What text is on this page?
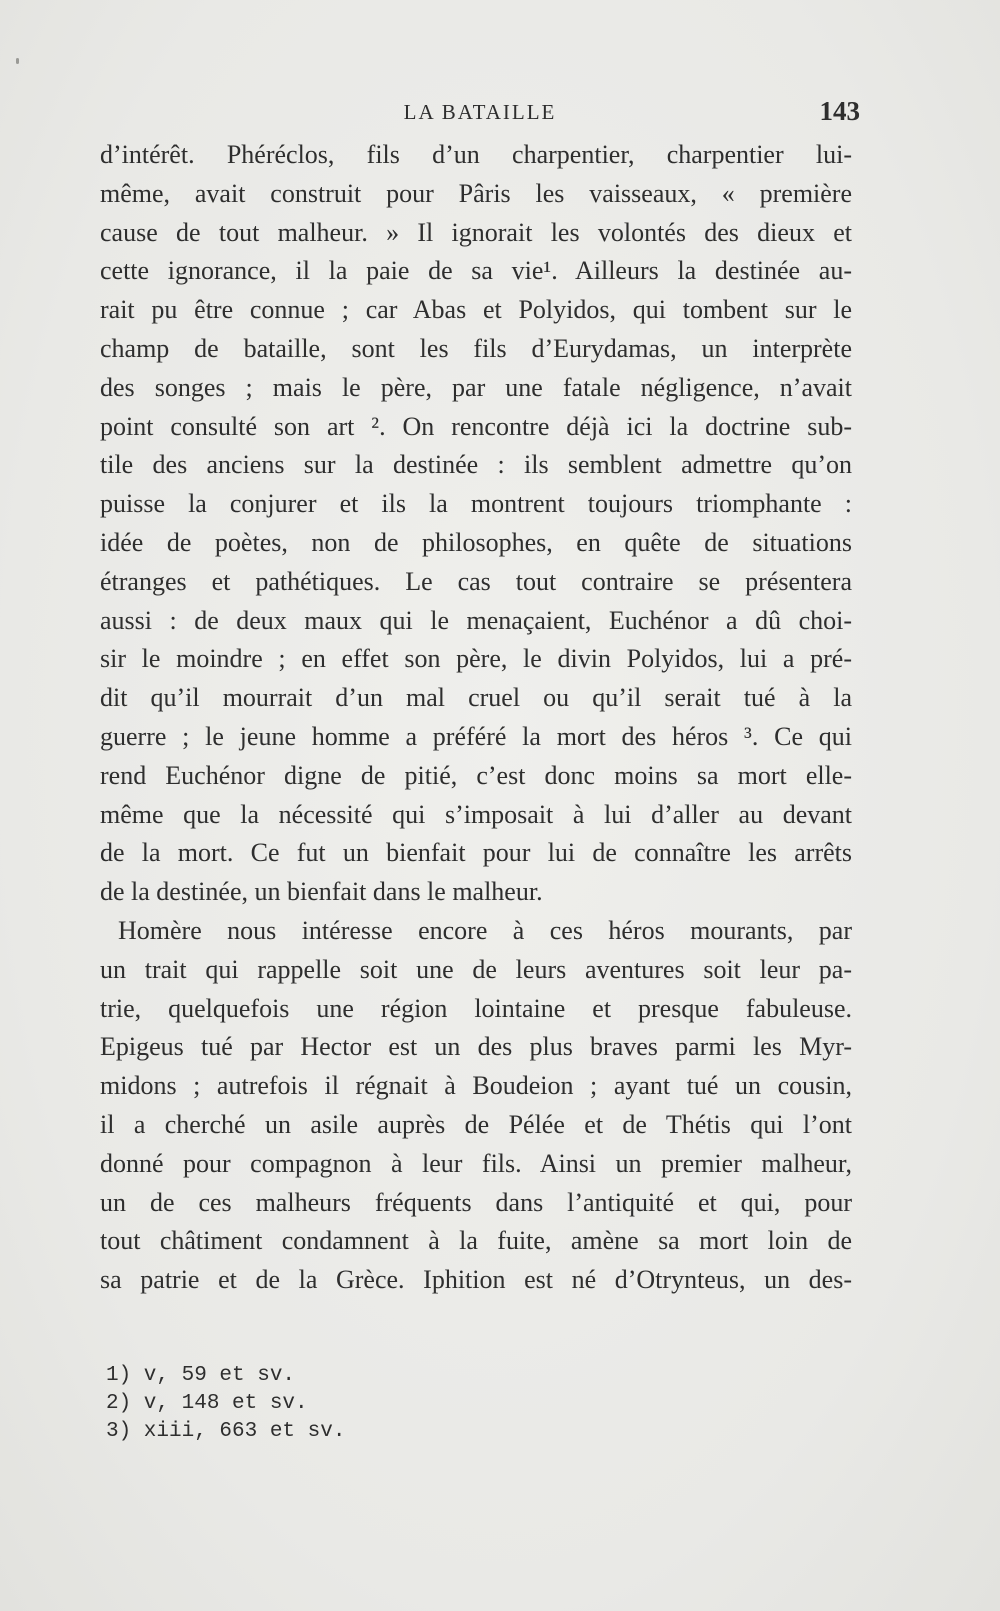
LA BATAILLE	143
d’intérêt. Phéréclos, fils d’un charpentier, charpentier lui-
même, avait construit pour Pâris les vaisseaux, « première
cause de tout malheur. » Il ignorait les volontés des dieux et
cette ignorance, il la paie de sa vie¹. Ailleurs la destinée au-
rait pu être connue ; car Abas et Polyidos, qui tombent sur le
champ de bataille, sont les fils d’Eurydamas, un interprète
des songes ; mais le père, par une fatale négligence, n’avait
point consulté son art ². On rencontre déjà ici la doctrine sub-
tile des anciens sur la destinée : ils semblent admettre qu’on
puisse la conjurer et ils la montrent toujours triomphante :
idée de poètes, non de philosophes, en quête de situations
étranges et pathétiques. Le cas tout contraire se présentera
aussi : de deux maux qui le menaçaient, Euchénor a dû choi-
sir le moindre ; en effet son père, le divin Polyidos, lui a pré-
dit qu’il mourrait d’un mal cruel ou qu’il serait tué à la
guerre ; le jeune homme a préféré la mort des héros ³. Ce qui
rend Euchénor digne de pitié, c’est donc moins sa mort elle-
même que la nécessité qui s’imposait à lui d’aller au devant
de la mort. Ce fut un bienfait pour lui de connaître les arrêts
de la destinée, un bienfait dans le malheur.
Homère nous intéresse encore à ces héros mourants, par
un trait qui rappelle soit une de leurs aventures soit leur pa-
trie, quelquefois une région lointaine et presque fabuleuse.
Epigeus tué par Hector est un des plus braves parmi les Myr-
midons ; autrefois il régnait à Boudeion ; ayant tué un cousin,
il a cherché un asile auprès de Pélée et de Thétis qui l’ont
donné pour compagnon à leur fils. Ainsi un premier malheur,
un de ces malheurs fréquents dans l’antiquité et qui, pour
tout châtiment condamnent à la fuite, amène sa mort loin de
sa patrie et de la Grèce. Iphition est né d’Otrynteus, un des-
1) v, 59 et sv.
2) v, 148 et sv.
3) xiii, 663 et sv.
